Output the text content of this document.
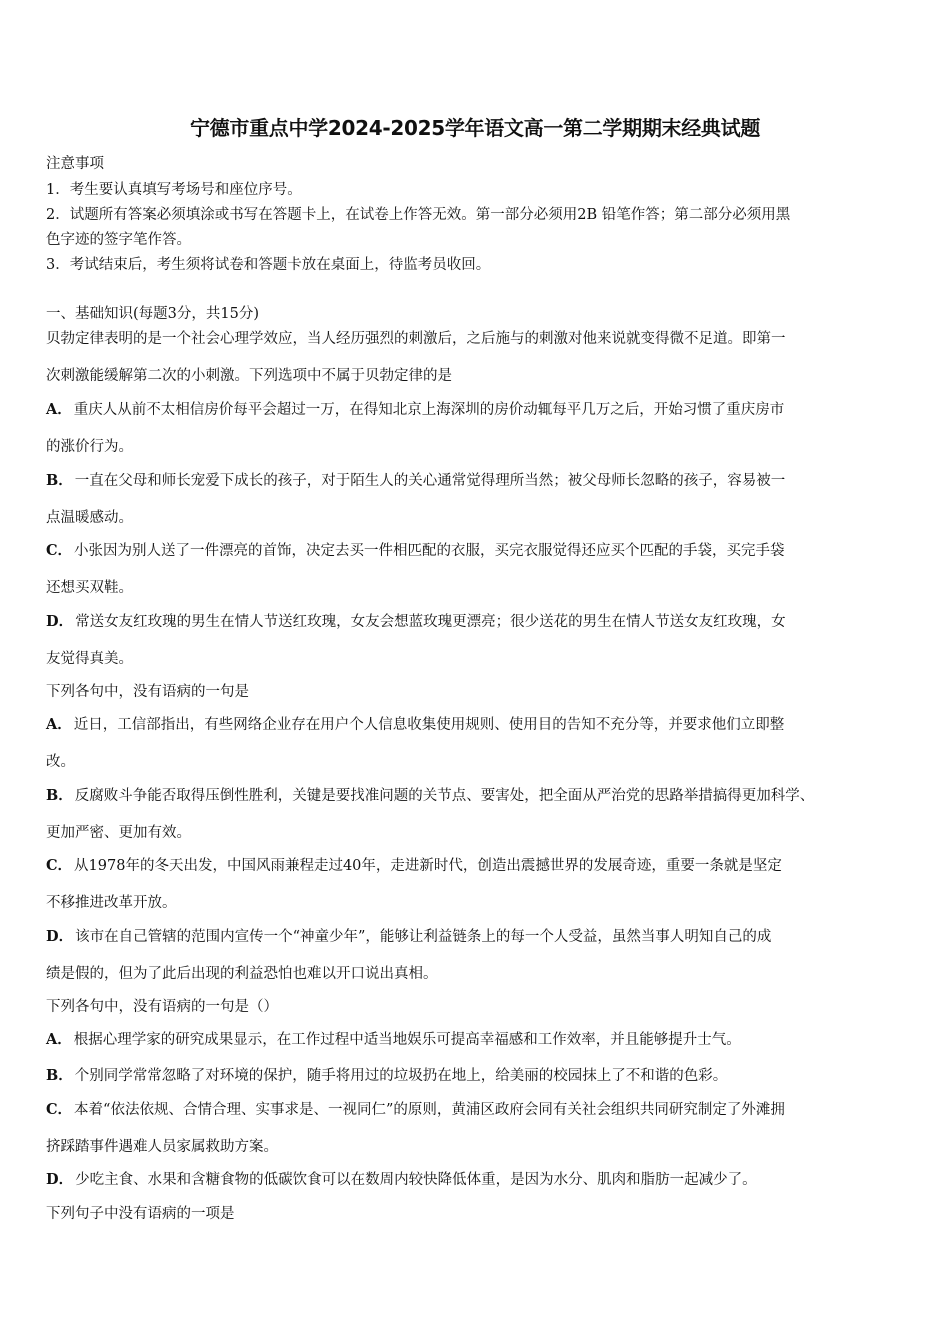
宁德市重点中学2024-2025学年语文高一第二学期期末经典试题
注意事项
1．考生要认真填写考场号和座位序号。
2．试题所有答案必须填涂或书写在答题卡上，在试卷上作答无效。第一部分必须用2B 铅笔作答；第二部分必须用黑
色字迹的签字笔作答。
3．考试结束后，考生须将试卷和答题卡放在桌面上，待监考员收回。
一、基础知识(每题3分，共15分)
贝勃定律表明的是一个社会心理学效应，当人经历强烈的刺激后，之后施与的刺激对他来说就变得微不足道。即第一
次刺激能缓解第二次的小刺激。下列选项中不属于贝勃定律的是
A． 重庆人从前不太相信房价每平会超过一万，在得知北京上海深圳的房价动辄每平几万之后，开始习惯了重庆房市
的涨价行为。
B． 一直在父母和师长宠爱下成长的孩子，对于陌生人的关心通常觉得理所当然；被父母师长忽略的孩子，容易被一
点温暖感动。
C． 小张因为别人送了一件漂亮的首饰，决定去买一件相匹配的衣服，买完衣服觉得还应买个匹配的手袋，买完手袋
还想买双鞋。
D． 常送女友红玫瑰的男生在情人节送红玫瑰，女友会想蓝玫瑰更漂亮；很少送花的男生在情人节送女友红玫瑰，女
友觉得真美。
下列各句中，没有语病的一句是
A． 近日，工信部指出，有些网络企业存在用户个人信息收集使用规则、使用目的告知不充分等，并要求他们立即整
改。
B． 反腐败斗争能否取得压倒性胜利，关键是要找准问题的关节点、要害处，把全面从严治党的思路举措搞得更加科学、
更加严密、更加有效。
C． 从1978年的冬天出发，中国风雨兼程走过40年，走进新时代，创造出震撼世界的发展奇迹，重要一条就是坚定
不移推进改革开放。
D． 该市在自己管辖的范围内宣传一个“神童少年”，能够让利益链条上的每一个人受益，虽然当事人明知自己的成
绩是假的，但为了此后出现的利益恐怕也难以开口说出真相。
下列各句中，没有语病的一句是（）
A． 根据心理学家的研究成果显示，在工作过程中适当地娱乐可提高幸福感和工作效率，并且能够提升士气。
B． 个别同学常常忽略了对环境的保护，随手将用过的垃圾扔在地上，给美丽的校园抹上了不和谐的色彩。
C． 本着“依法依规、合情合理、实事求是、一视同仁”的原则，黄浦区政府会同有关社会组织共同研究制定了外滩拥
挤踩踏事件遇难人员家属救助方案。
D． 少吃主食、水果和含糖食物的低碳饮食可以在数周内较快降低体重，是因为水分、肌肉和脂肪一起减少了。
下列句子中没有语病的一项是
